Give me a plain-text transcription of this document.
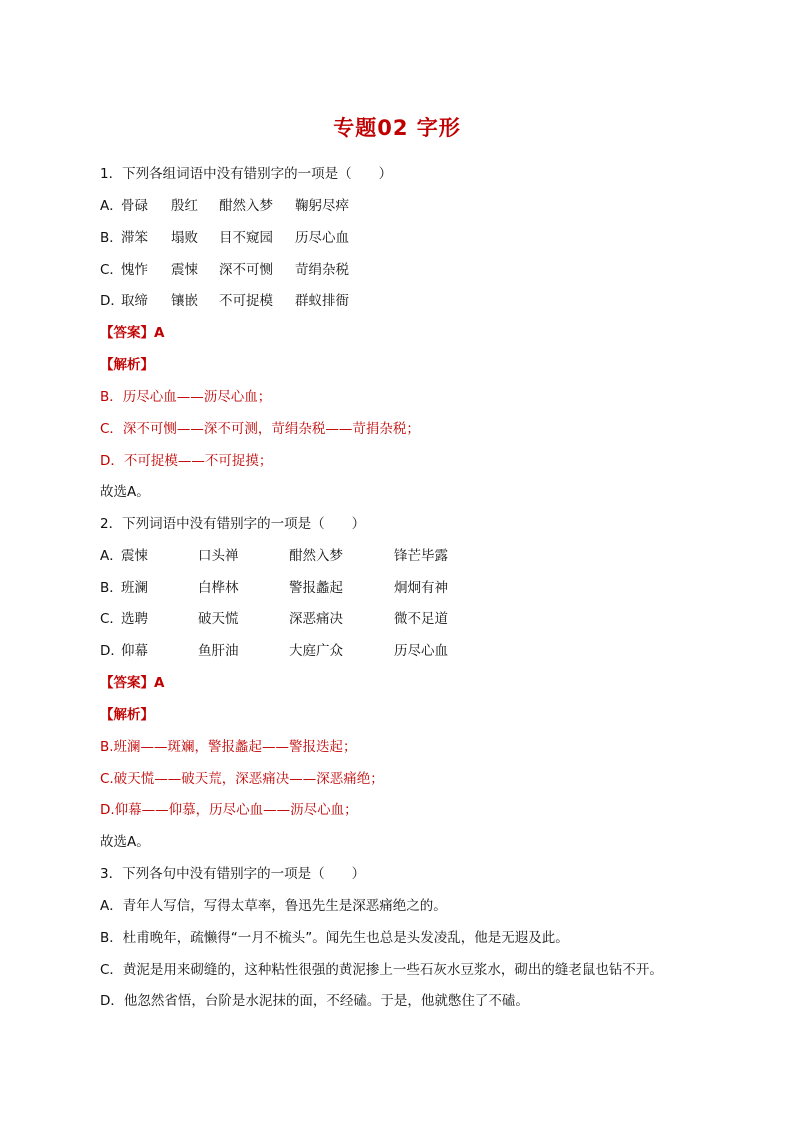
专题02 字形
1．下列各组词语中没有错别字的一项是（　　）
A．
骨碌 殷红 酣然入梦 鞠躬尽瘁
B．
滞笨 塌败 目不窥园 历尽心血
C．
愧怍 震悚 深不可恻 苛绢杂税
D．
取缔 镶嵌 不可捉模 群蚁排衙
【答案】A
【解析】
B．历尽心血——沥尽心血；
C．深不可恻——深不可测，苛绢杂税——苛捐杂税；
D．不可捉模——不可捉摸；
故选A。
2．下列词语中没有错别字的一项是（　　）
A．
震悚	口头禅	酣然入梦	锋芒毕露
B．
班澜	白桦林	警报蠡起	炯炯有神
C．
选聘	破天慌	深恶痛决	微不足道
D．
仰幕	鱼肝油	大庭广众	历尽心血
【答案】A
【解析】
B.班澜——斑斓，警报蠡起——警报迭起；
C.破天慌——破天荒，深恶痛决——深恶痛绝；
D.仰幕——仰慕，历尽心血——沥尽心血；
故选A。
3．下列各句中没有错别字的一项是（　　）
A．青年人写信，写得太草率，鲁迅先生是深恶痛绝之的。
B．杜甫晚年，疏懒得“一月不梳头”。闻先生也总是头发凌乱，他是无遐及此。
C．黄泥是用来砌缝的，这种粘性很强的黄泥掺上一些石灰水豆浆水，砌出的缝老鼠也钻不开。
D．他忽然省悟，台阶是水泥抹的面，不经磕。于是，他就憋住了不磕。
